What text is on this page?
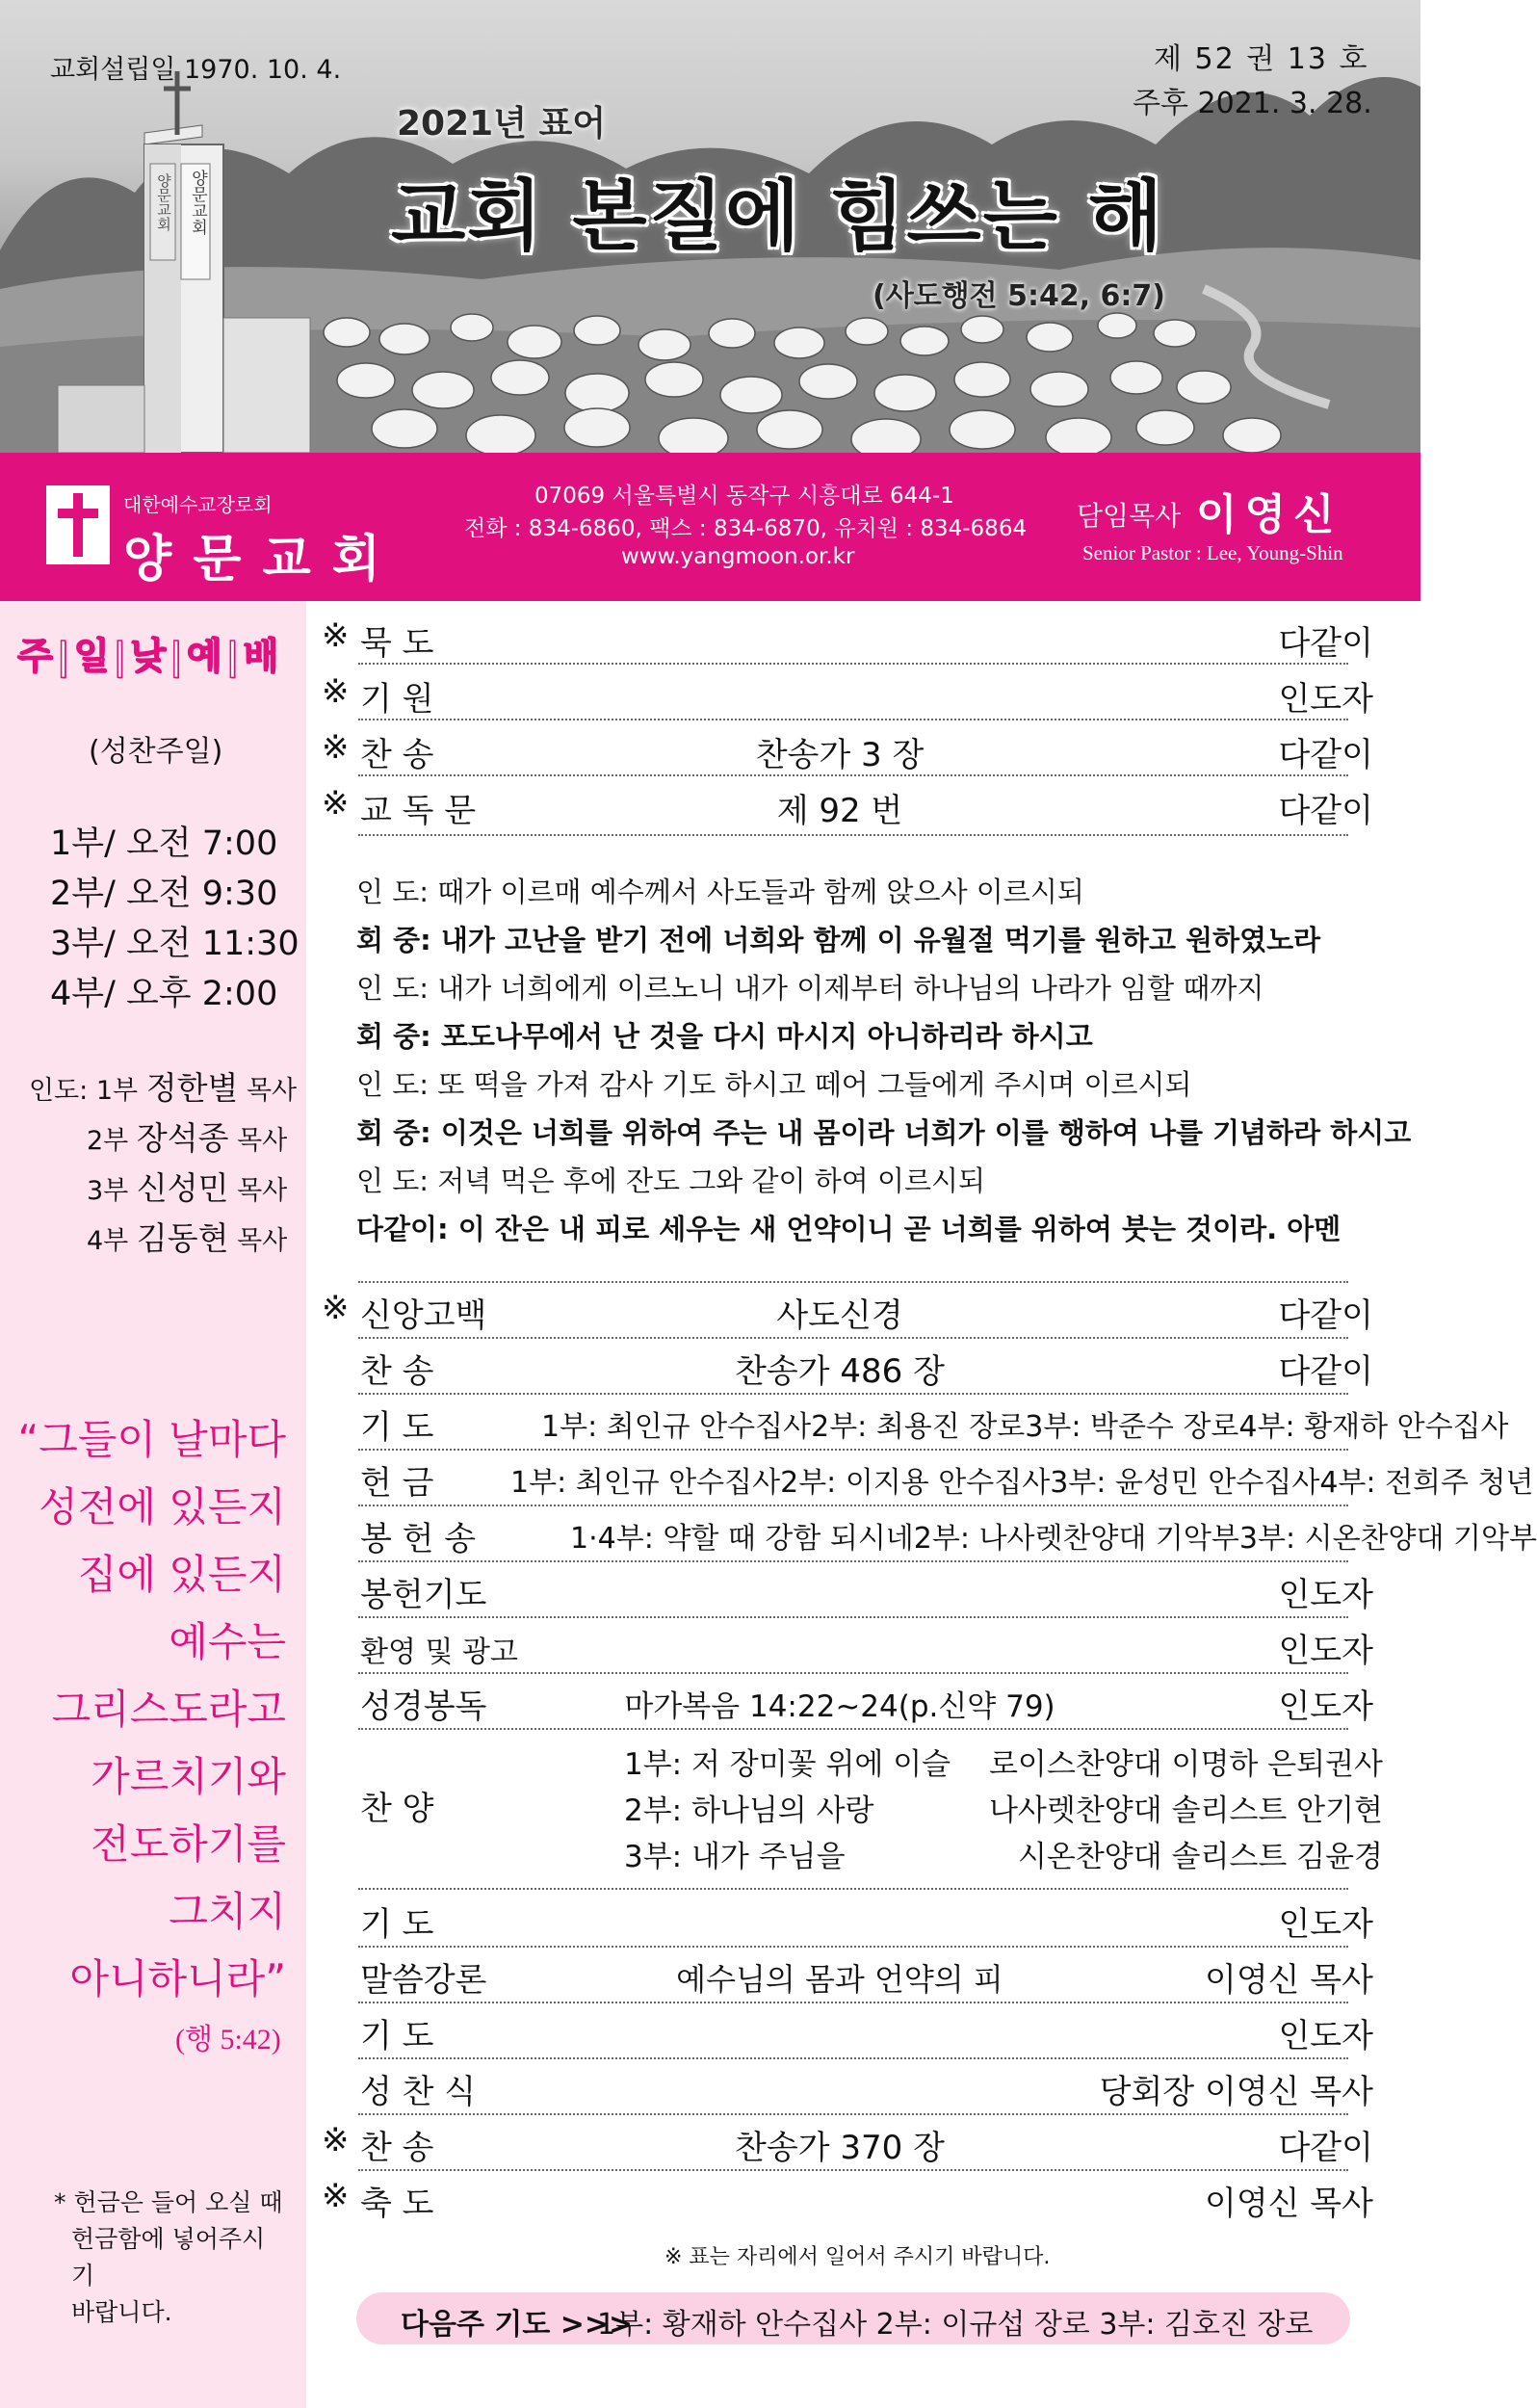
양문교회
양문교회
교회설립일 1970. 10. 4.	제 52 권 13 호
주후 2021. 3. 28.
2021년 표어
교회 본질에 힘쓰는 해
(사도행전 5:42, 6:7)
대한예수교장로회
양문교회
07069 서울특별시 동작구 시흥대로 644-1
전화 : 834-6860, 팩스 : 834-6870, 유치원 : 834-6864
www.yangmoon.or.kr
담임목사 이영신
Senior Pastor : Lee, Young-Shin
주 | 일 | 낮 | 예 | 배
(성찬주일)
1부/ 오전 7:00
2부/ 오전 9:30
3부/ 오전 11:30
4부/ 오후 2:00
인도: 1부 정한별 목사
2부 장석종 목사
3부 신성민 목사
4부 김동현 목사
“그들이 날마다
성전에 있든지
집에 있든지
예수는
그리스도라고
가르치기와
전도하기를
그치지
아니하니라”
(행 5:42)
* 헌금은 들어 오실 때
헌금함에 넣어주시기
바랍니다.
※ 묵 도	다같이
※ 기 원	인도자
※ 찬 송	찬송가 3 장	다같이
※ 교 독 문	제 92 번	다같이
인 도: 때가 이르매 예수께서 사도들과 함께 앉으사 이르시되
회 중: 내가 고난을 받기 전에 너희와 함께 이 유월절 먹기를 원하고 원하였노라
인 도: 내가 너희에게 이르노니 내가 이제부터 하나님의 나라가 임할 때까지
회 중: 포도나무에서 난 것을 다시 마시지 아니하리라 하시고
인 도: 또 떡을 가져 감사 기도 하시고 떼어 그들에게 주시며 이르시되
회 중: 이것은 너희를 위하여 주는 내 몸이라 너희가 이를 행하여 나를 기념하라 하시고
인 도: 저녁 먹은 후에 잔도 그와 같이 하여 이르시되
다같이: 이 잔은 내 피로 세우는 새 언약이니 곧 너희를 위하여 붓는 것이라. 아멘
※ 신앙고백	사도신경	다같이
찬 송	찬송가 486 장	다같이
기 도	1부: 최인규 안수집사 2부: 최용진 장로 3부: 박준수 장로 4부: 황재하 안수집사
헌 금	1부: 최인규 안수집사 2부: 이지용 안수집사 3부: 윤성민 안수집사 4부: 전희주 청년
봉 헌 송	1·4부: 약할 때 강함 되시네 2부: 나사렛찬양대 기악부 3부: 시온찬양대 기악부
봉헌기도	인도자
환영 및 광고	인도자
성경봉독	마가복음 14:22~24(p.신약 79)	인도자
찬 양
1부: 저 장미꽃 위에 이슬 로이스찬양대 이명하 은퇴권사
2부: 하나님의 사랑	나사렛찬양대 솔리스트 안기현
3부: 내가 주님을	시온찬양대 솔리스트 김윤경
기 도	인도자
말씀강론	예수님의 몸과 언약의 피	이영신 목사
기 도	인도자
성 찬 식	당회장 이영신 목사
※ 찬 송	찬송가 370 장	다같이
※ 축 도	이영신 목사
※ 표는 자리에서 일어서 주시기 바랍니다.
다음주 기도 >>>
1부: 황재하 안수집사 2부: 이규섭 장로 3부: 김호진 장로
